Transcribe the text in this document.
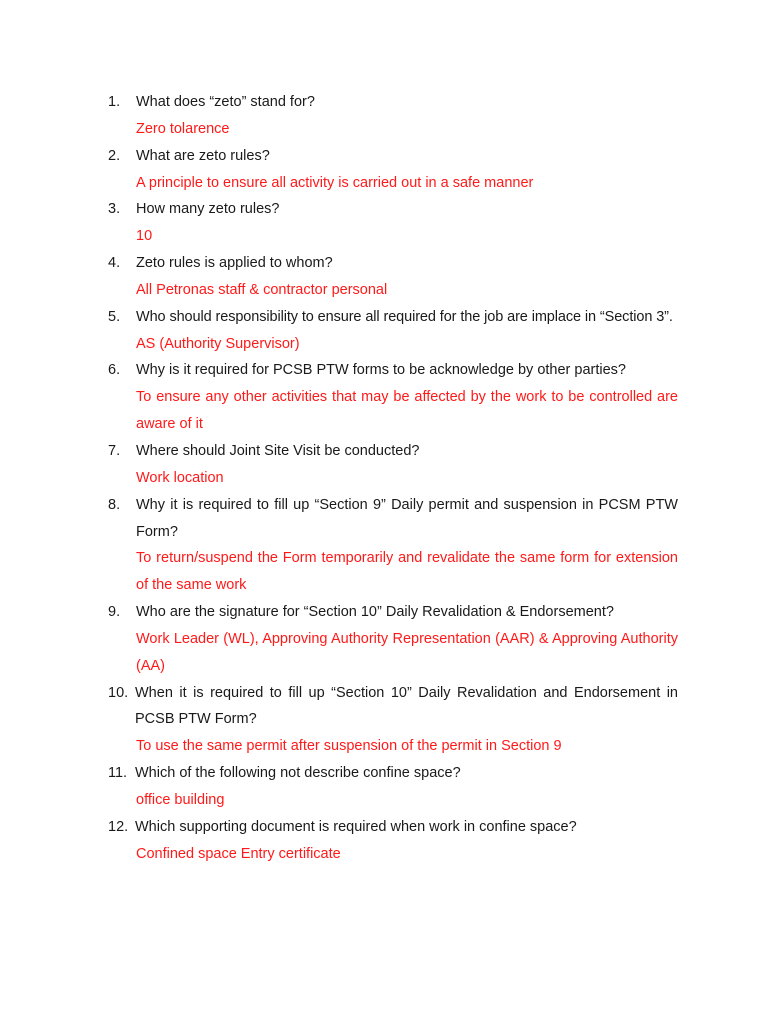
1.	What does “zeto” stand for?
Zero tolarence
2.	What are zeto rules?
A principle to ensure all activity is carried out in a safe manner
3.	How many zeto rules?
10
4.	Zeto rules is applied to whom?
All Petronas staff & contractor personal
5.	Who should responsibility to ensure all required for the job are implace in “Section 3”.
AS (Authority Supervisor)
6.	Why is it required for PCSB PTW forms to be acknowledge by other parties?
To ensure any other activities that may be affected by the work to be controlled are aware of it
7.	Where should Joint Site Visit be conducted?
Work location
8.	Why it is required to fill up “Section 9” Daily permit and suspension in PCSM PTW Form?
To return/suspend the Form temporarily and revalidate the same form for extension of the same work
9.	Who are the signature for “Section 10” Daily Revalidation & Endorsement?
Work Leader (WL), Approving Authority Representation (AAR) & Approving Authority (AA)
10. When it is required to fill up “Section 10” Daily Revalidation and Endorsement in PCSB PTW Form?
To use the same permit after suspension of the permit in Section 9
11. Which of the following not describe confine space?
office building
12. Which supporting document is required when work in confine space?
Confined space Entry certificate
